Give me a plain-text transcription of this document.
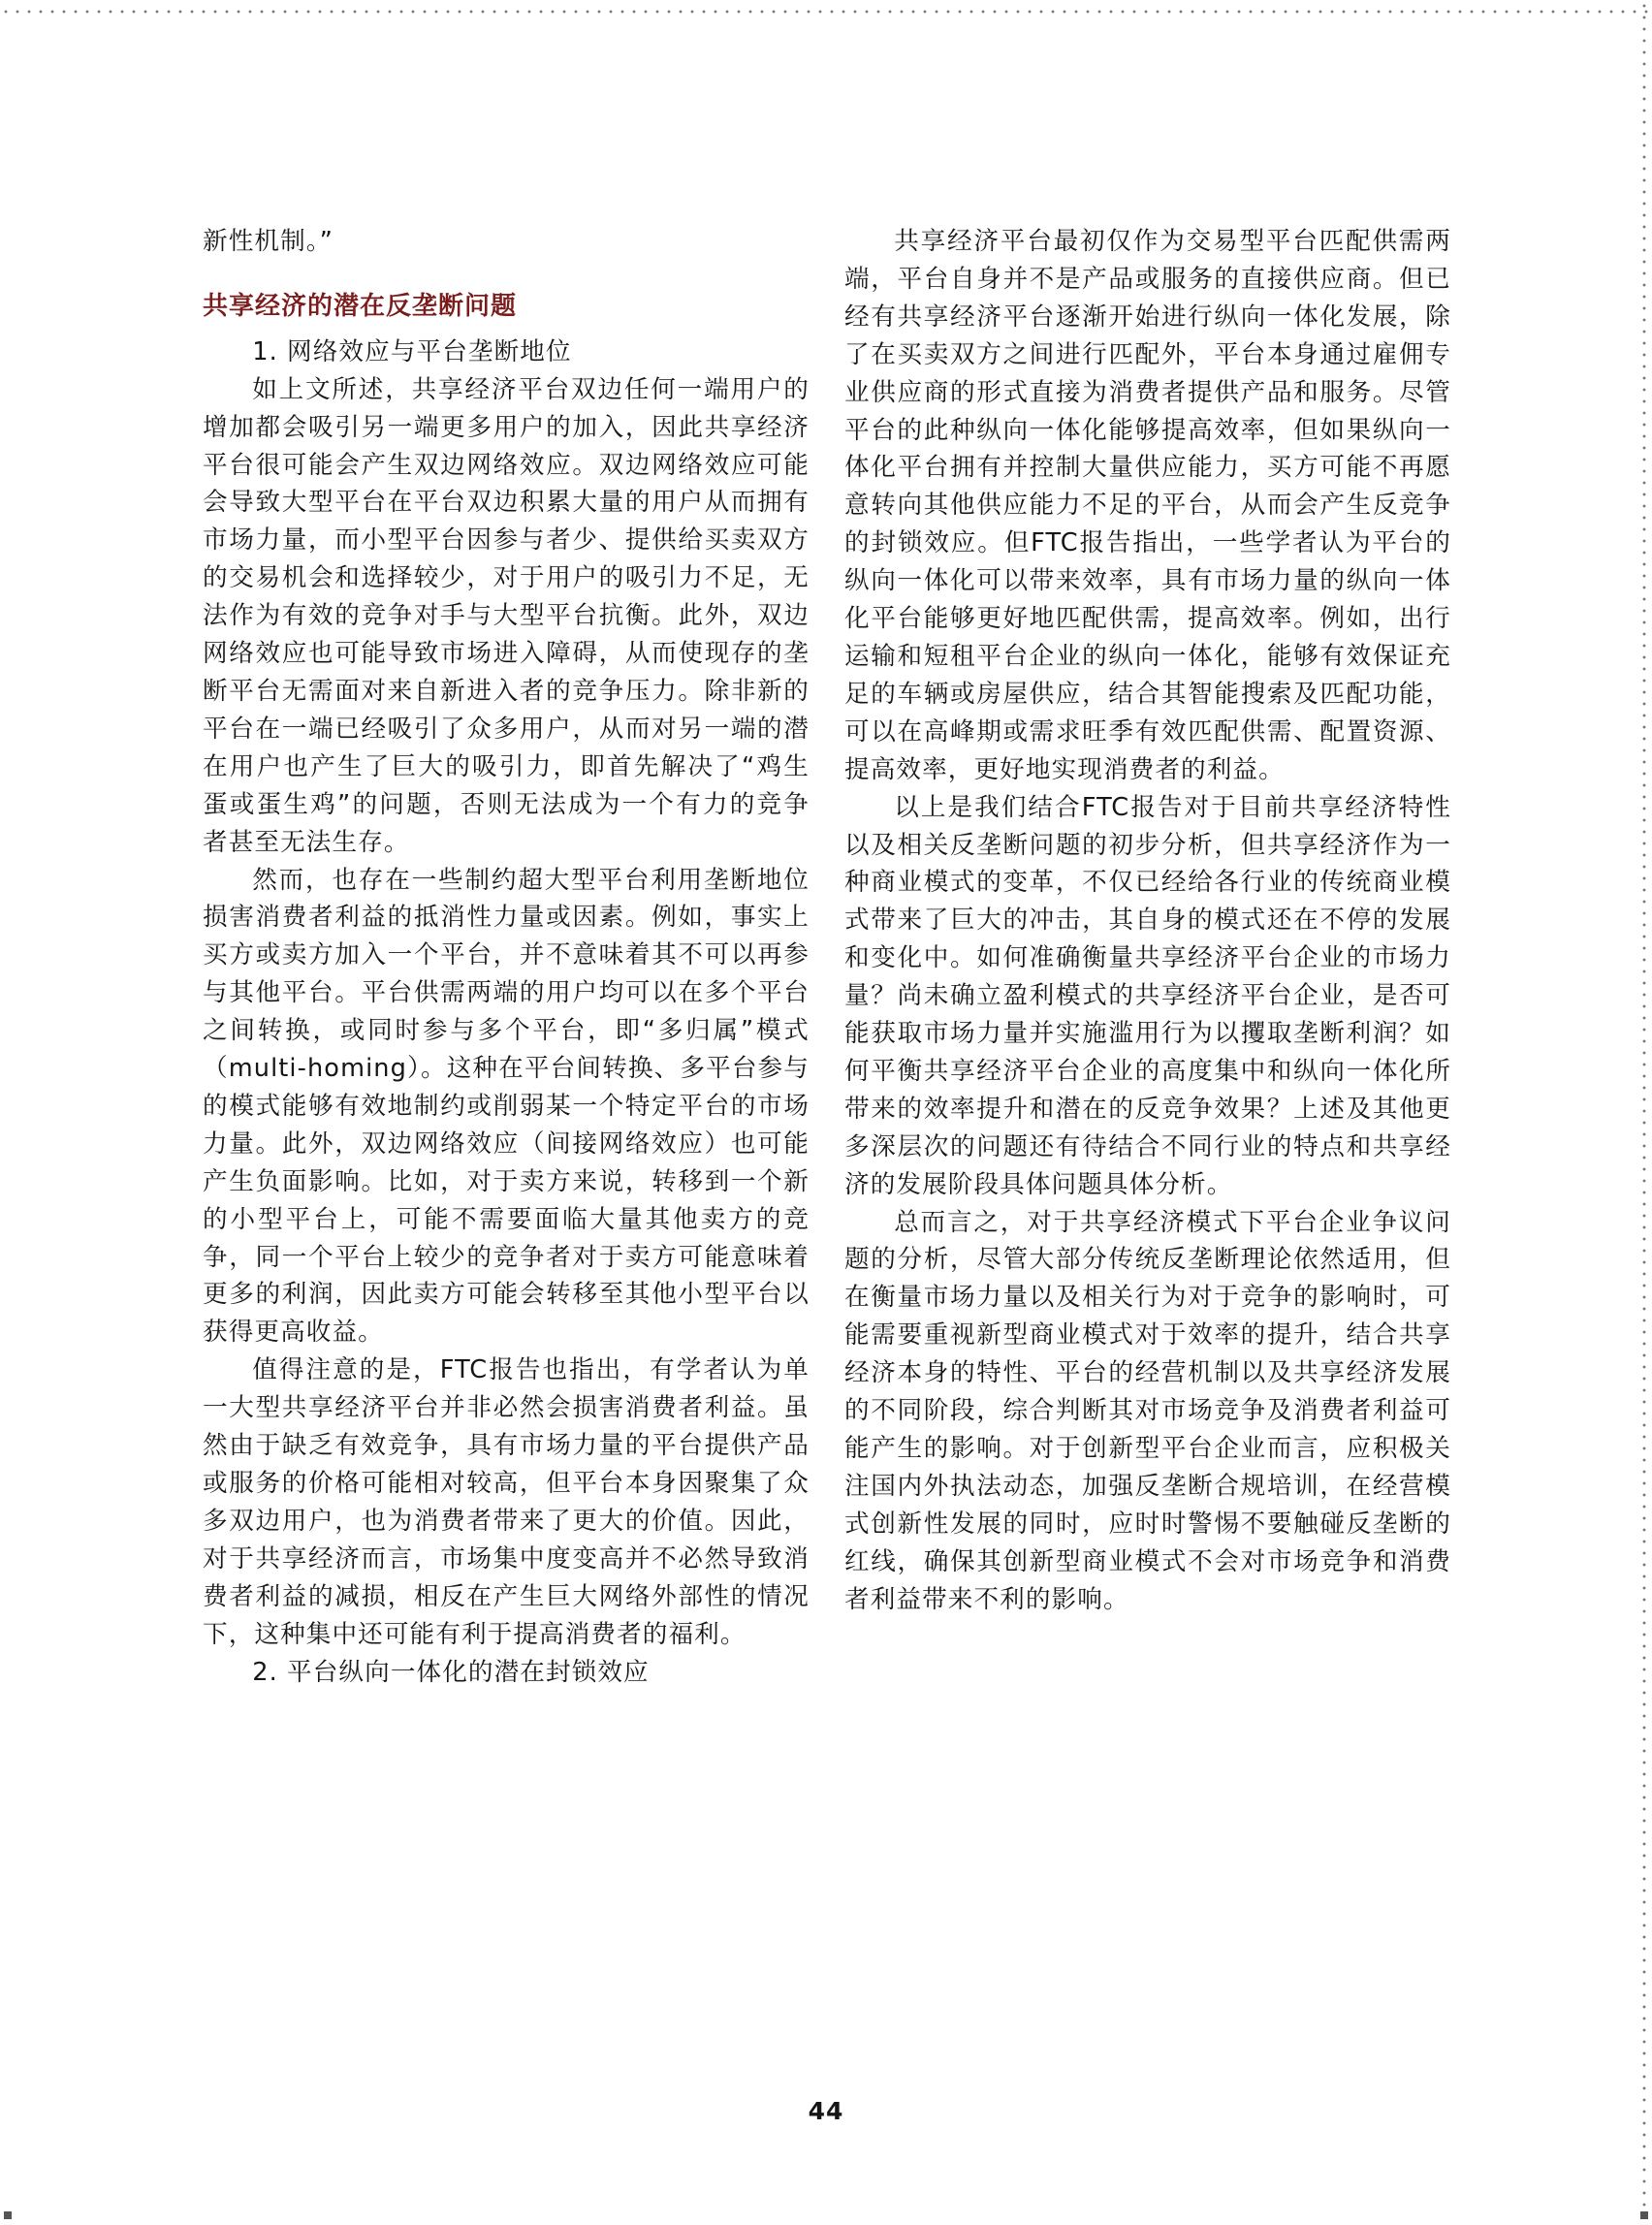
新性机制。”

共享经济的潜在反垄断问题

1. 网络效应与平台垄断地位

如上文所述，共享经济平台双边任何一端用户的增加都会吸引另一端更多用户的加入，因此共享经济平台很可能会产生双边网络效应。双边网络效应可能会导致大型平台在平台双边积累大量的用户从而拥有市场力量，而小型平台因参与者少、提供给买卖双方的交易机会和选择较少，对于用户的吸引力不足，无法作为有效的竞争对手与大型平台抗衡。此外，双边网络效应也可能导致市场进入障碍，从而使现存的垄断平台无需面对来自新进入者的竞争压力。除非新的平台在一端已经吸引了众多用户，从而对另一端的潜在用户也产生了巨大的吸引力，即首先解决了“鸡生蛋或蛋生鸡”的问题，否则无法成为一个有力的竞争者甚至无法生存。

然而，也存在一些制约超大型平台利用垄断地位损害消费者利益的抵消性力量或因素。例如，事实上买方或卖方加入一个平台，并不意味着其不可以再参与其他平台。平台供需两端的用户均可以在多个平台之间转换，或同时参与多个平台，即“多归属”模式（multi-homing）。这种在平台间转换、多平台参与的模式能够有效地制约或削弱某一个特定平台的市场力量。此外，双边网络效应（间接网络效应）也可能产生负面影响。比如，对于卖方来说，转移到一个新的小型平台上，可能不需要面临大量其他卖方的竞争，同一个平台上较少的竞争者对于卖方可能意味着更多的利润，因此卖方可能会转移至其他小型平台以获得更高收益。

值得注意的是，FTC报告也指出，有学者认为单一大型共享经济平台并非必然会损害消费者利益。虽然由于缺乏有效竞争，具有市场力量的平台提供产品或服务的价格可能相对较高，但平台本身因聚集了众多双边用户，也为消费者带来了更大的价值。因此，对于共享经济而言，市场集中度变高并不必然导致消费者利益的减损，相反在产生巨大网络外部性的情况下，这种集中还可能有利于提高消费者的福利。

2. 平台纵向一体化的潜在封锁效应

共享经济平台最初仅作为交易型平台匹配供需两端，平台自身并不是产品或服务的直接供应商。但已经有共享经济平台逐渐开始进行纵向一体化发展，除了在买卖双方之间进行匹配外，平台本身通过雇佣专业供应商的形式直接为消费者提供产品和服务。尽管平台的此种纵向一体化能够提高效率，但如果纵向一体化平台拥有并控制大量供应能力，买方可能不再愿意转向其他供应能力不足的平台，从而会产生反竞争的封锁效应。但FTC报告指出，一些学者认为平台的纵向一体化可以带来效率，具有市场力量的纵向一体化平台能够更好地匹配供需，提高效率。例如，出行运输和短租平台企业的纵向一体化，能够有效保证充足的车辆或房屋供应，结合其智能搜索及匹配功能，可以在高峰期或需求旺季有效匹配供需、配置资源、提高效率，更好地实现消费者的利益。

以上是我们结合FTC报告对于目前共享经济特性以及相关反垄断问题的初步分析，但共享经济作为一种商业模式的变革，不仅已经给各行业的传统商业模式带来了巨大的冲击，其自身的模式还在不停的发展和变化中。如何准确衡量共享经济平台企业的市场力量？尚未确立盈利模式的共享经济平台企业，是否可能获取市场力量并实施滥用行为以攫取垄断利润？如何平衡共享经济平台企业的高度集中和纵向一体化所带来的效率提升和潜在的反竞争效果？上述及其他更多深层次的问题还有待结合不同行业的特点和共享经济的发展阶段具体问题具体分析。

总而言之，对于共享经济模式下平台企业争议问题的分析，尽管大部分传统反垄断理论依然适用，但在衡量市场力量以及相关行为对于竞争的影响时，可能需要重视新型商业模式对于效率的提升，结合共享经济本身的特性、平台的经营机制以及共享经济发展的不同阶段，综合判断其对市场竞争及消费者利益可能产生的影响。对于创新型平台企业而言，应积极关注国内外执法动态，加强反垄断合规培训，在经营模式创新性发展的同时，应时时警惕不要触碰反垄断的红线，确保其创新型商业模式不会对市场竞争和消费者利益带来不利的影响。

44
